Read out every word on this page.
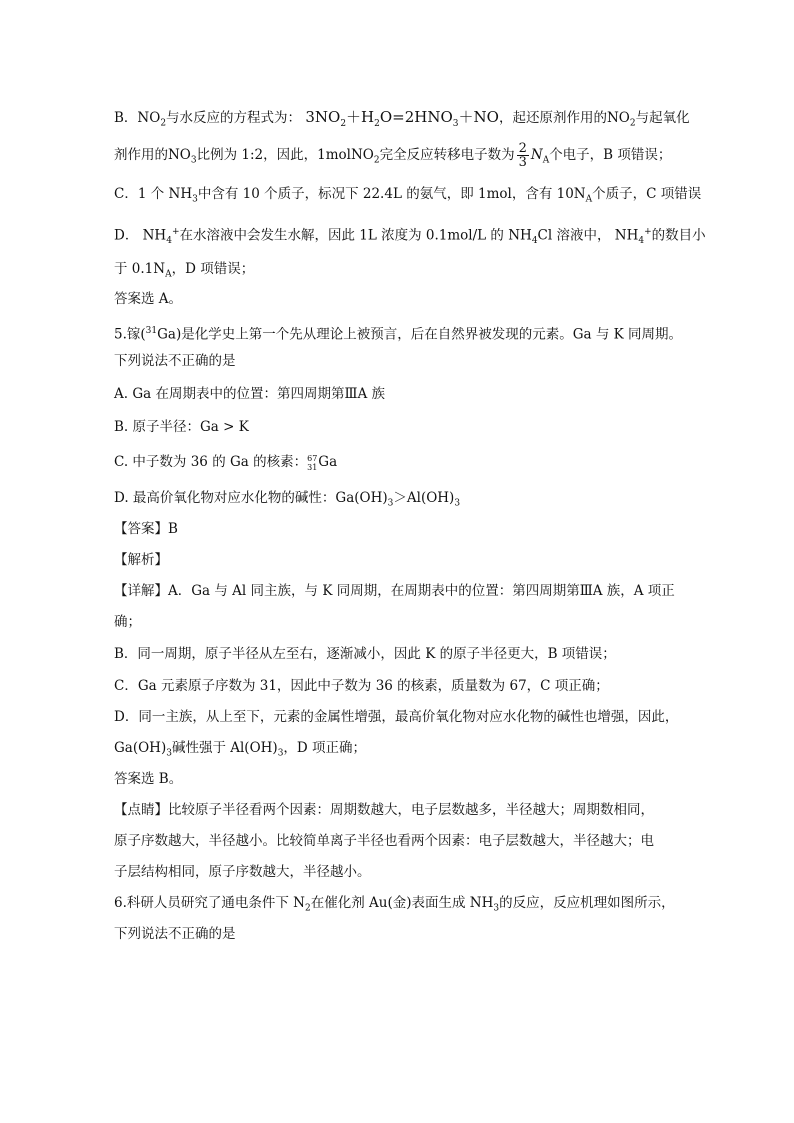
B．$NO_2$与水反应的方程式为： $3NO_2+H_2O=2HNO_3+NO$，起还原剂作用的$NO_2$与起氧化
剂作用的$NO_3$比例为 1:2，因此，1molNO$_2$完全反应转移电子数为 $\frac{2}{3} N_A$个电子，B 项错误；
C．1 个 $NH_3$中含有 10 个质子，标况下 22.4L 的氨气，即 1mol，含有 $10N_A$个质子，C 项错误
D． $NH_4^+$在水溶液中会发生水解，因此 1L 浓度为 0.1mol/L 的 $NH_4Cl$ 溶液中， $NH_4^+$的数目小
于 $0.1N_A$，D 项错误；
答案选 A。
5.镓($^{31}$Ga)是化学史上第一个先从理论上被预言，后在自然界被发现的元素。Ga 与 K 同周期。
下列说法不正确的是
A. Ga 在周期表中的位置：第四周期第ⅢA 族
B. 原子半径：Ga > K
C. 中子数为 36 的 Ga 的核素： 67
31 Ga
D. 最高价氧化物对应水化物的碱性：$Ga(OH)_3>Al(OH)_3$
【答案】B
【解析】
【详解】A．Ga 与 Al 同主族，与 K 同周期，在周期表中的位置：第四周期第ⅢA 族，A 项正
确；
B．同一周期，原子半径从左至右，逐渐减小，因此 K 的原子半径更大，B 项错误；
C．Ga 元素原子序数为 31，因此中子数为 36 的核素，质量数为 67，C 项正确；
D．同一主族，从上至下，元素的金属性增强，最高价氧化物对应水化物的碱性也增强，因此，
$Ga(OH)_3$碱性强于 $Al(OH)_3$，D 项正确；
答案选 B。
【点睛】比较原子半径看两个因素：周期数越大，电子层数越多，半径越大；周期数相同，
原子序数越大，半径越小。比较简单离子半径也看两个因素：电子层数越大，半径越大；电
子层结构相同，原子序数越大，半径越小。
6.科研人员研究了通电条件下 $N_2$在催化剂 Au(金)表面生成 $NH_3$的反应，反应机理如图所示，
下列说法不正确的是
